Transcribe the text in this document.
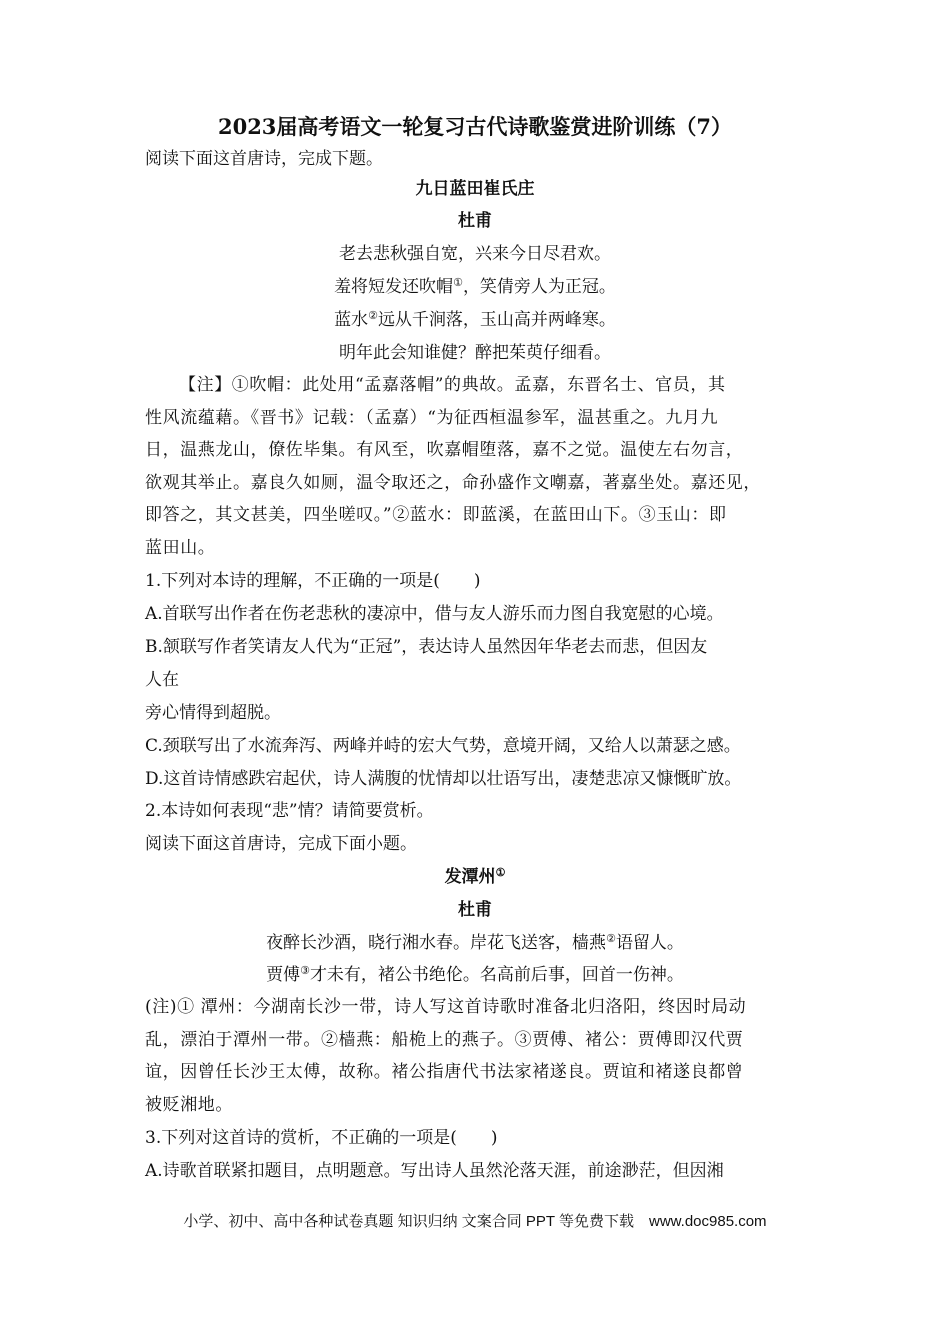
2023届高考语文一轮复习古代诗歌鉴赏进阶训练（7）
阅读下面这首唐诗，完成下题。
九日蓝田崔氏庄
杜甫
老去悲秋强自宽，兴来今日尽君欢。
羞将短发还吹帽①，笑倩旁人为正冠。
蓝水②远从千涧落，玉山高并两峰寒。
明年此会知谁健？醉把茱萸仔细看。
【注】①吹帽：此处用“孟嘉落帽”的典故。孟嘉，东晋名士、官员，其
性风流蕴藉。《晋书》记载：（孟嘉）“为征西桓温参军，温甚重之。九月九
日，温燕龙山，僚佐毕集。有风至，吹嘉帽堕落，嘉不之觉。温使左右勿言，
欲观其举止。嘉良久如厕，温令取还之，命孙盛作文嘲嘉，著嘉坐处。嘉还见，
即答之，其文甚美，四坐嗟叹。”②蓝水：即蓝溪，在蓝田山下。③玉山：即
蓝田山。
1.下列对本诗的理解，不正确的一项是(　　)
A.首联写出作者在伤老悲秋的凄凉中，借与友人游乐而力图自我宽慰的心境。
B.颔联写作者笑请友人代为“正冠”，表达诗人虽然因年华老去而悲，但因友
人在
旁心情得到超脱。
C.颈联写出了水流奔泻、两峰并峙的宏大气势，意境开阔，又给人以萧瑟之感。
D.这首诗情感跌宕起伏，诗人满腹的忧情却以壮语写出，凄楚悲凉又慷慨旷放。
2.本诗如何表现“悲”情？请简要赏析。
阅读下面这首唐诗，完成下面小题。
发潭州①
杜甫
夜醉长沙酒，晓行湘水春。岸花飞送客，樯燕②语留人。
贾傅③才未有，褚公书绝伦。名高前后事，回首一伤神。
(注)① 潭州：今湖南长沙一带，诗人写这首诗歌时准备北归洛阳，终因时局动
乱，漂泊于潭州一带。②樯燕：船桅上的燕子。③贾傅、褚公：贾傅即汉代贾
谊，因曾任长沙王太傅，故称。褚公指唐代书法家褚遂良。贾谊和褚遂良都曾
被贬湘地。
3.下列对这首诗的赏析，不正确的一项是(　　)
A.诗歌首联紧扣题目，点明题意。写出诗人虽然沦落天涯，前途渺茫，但因湘
小学、初中、高中各种试卷真题 知识归纳 文案合同 PPT 等免费下载　www.doc985.com
